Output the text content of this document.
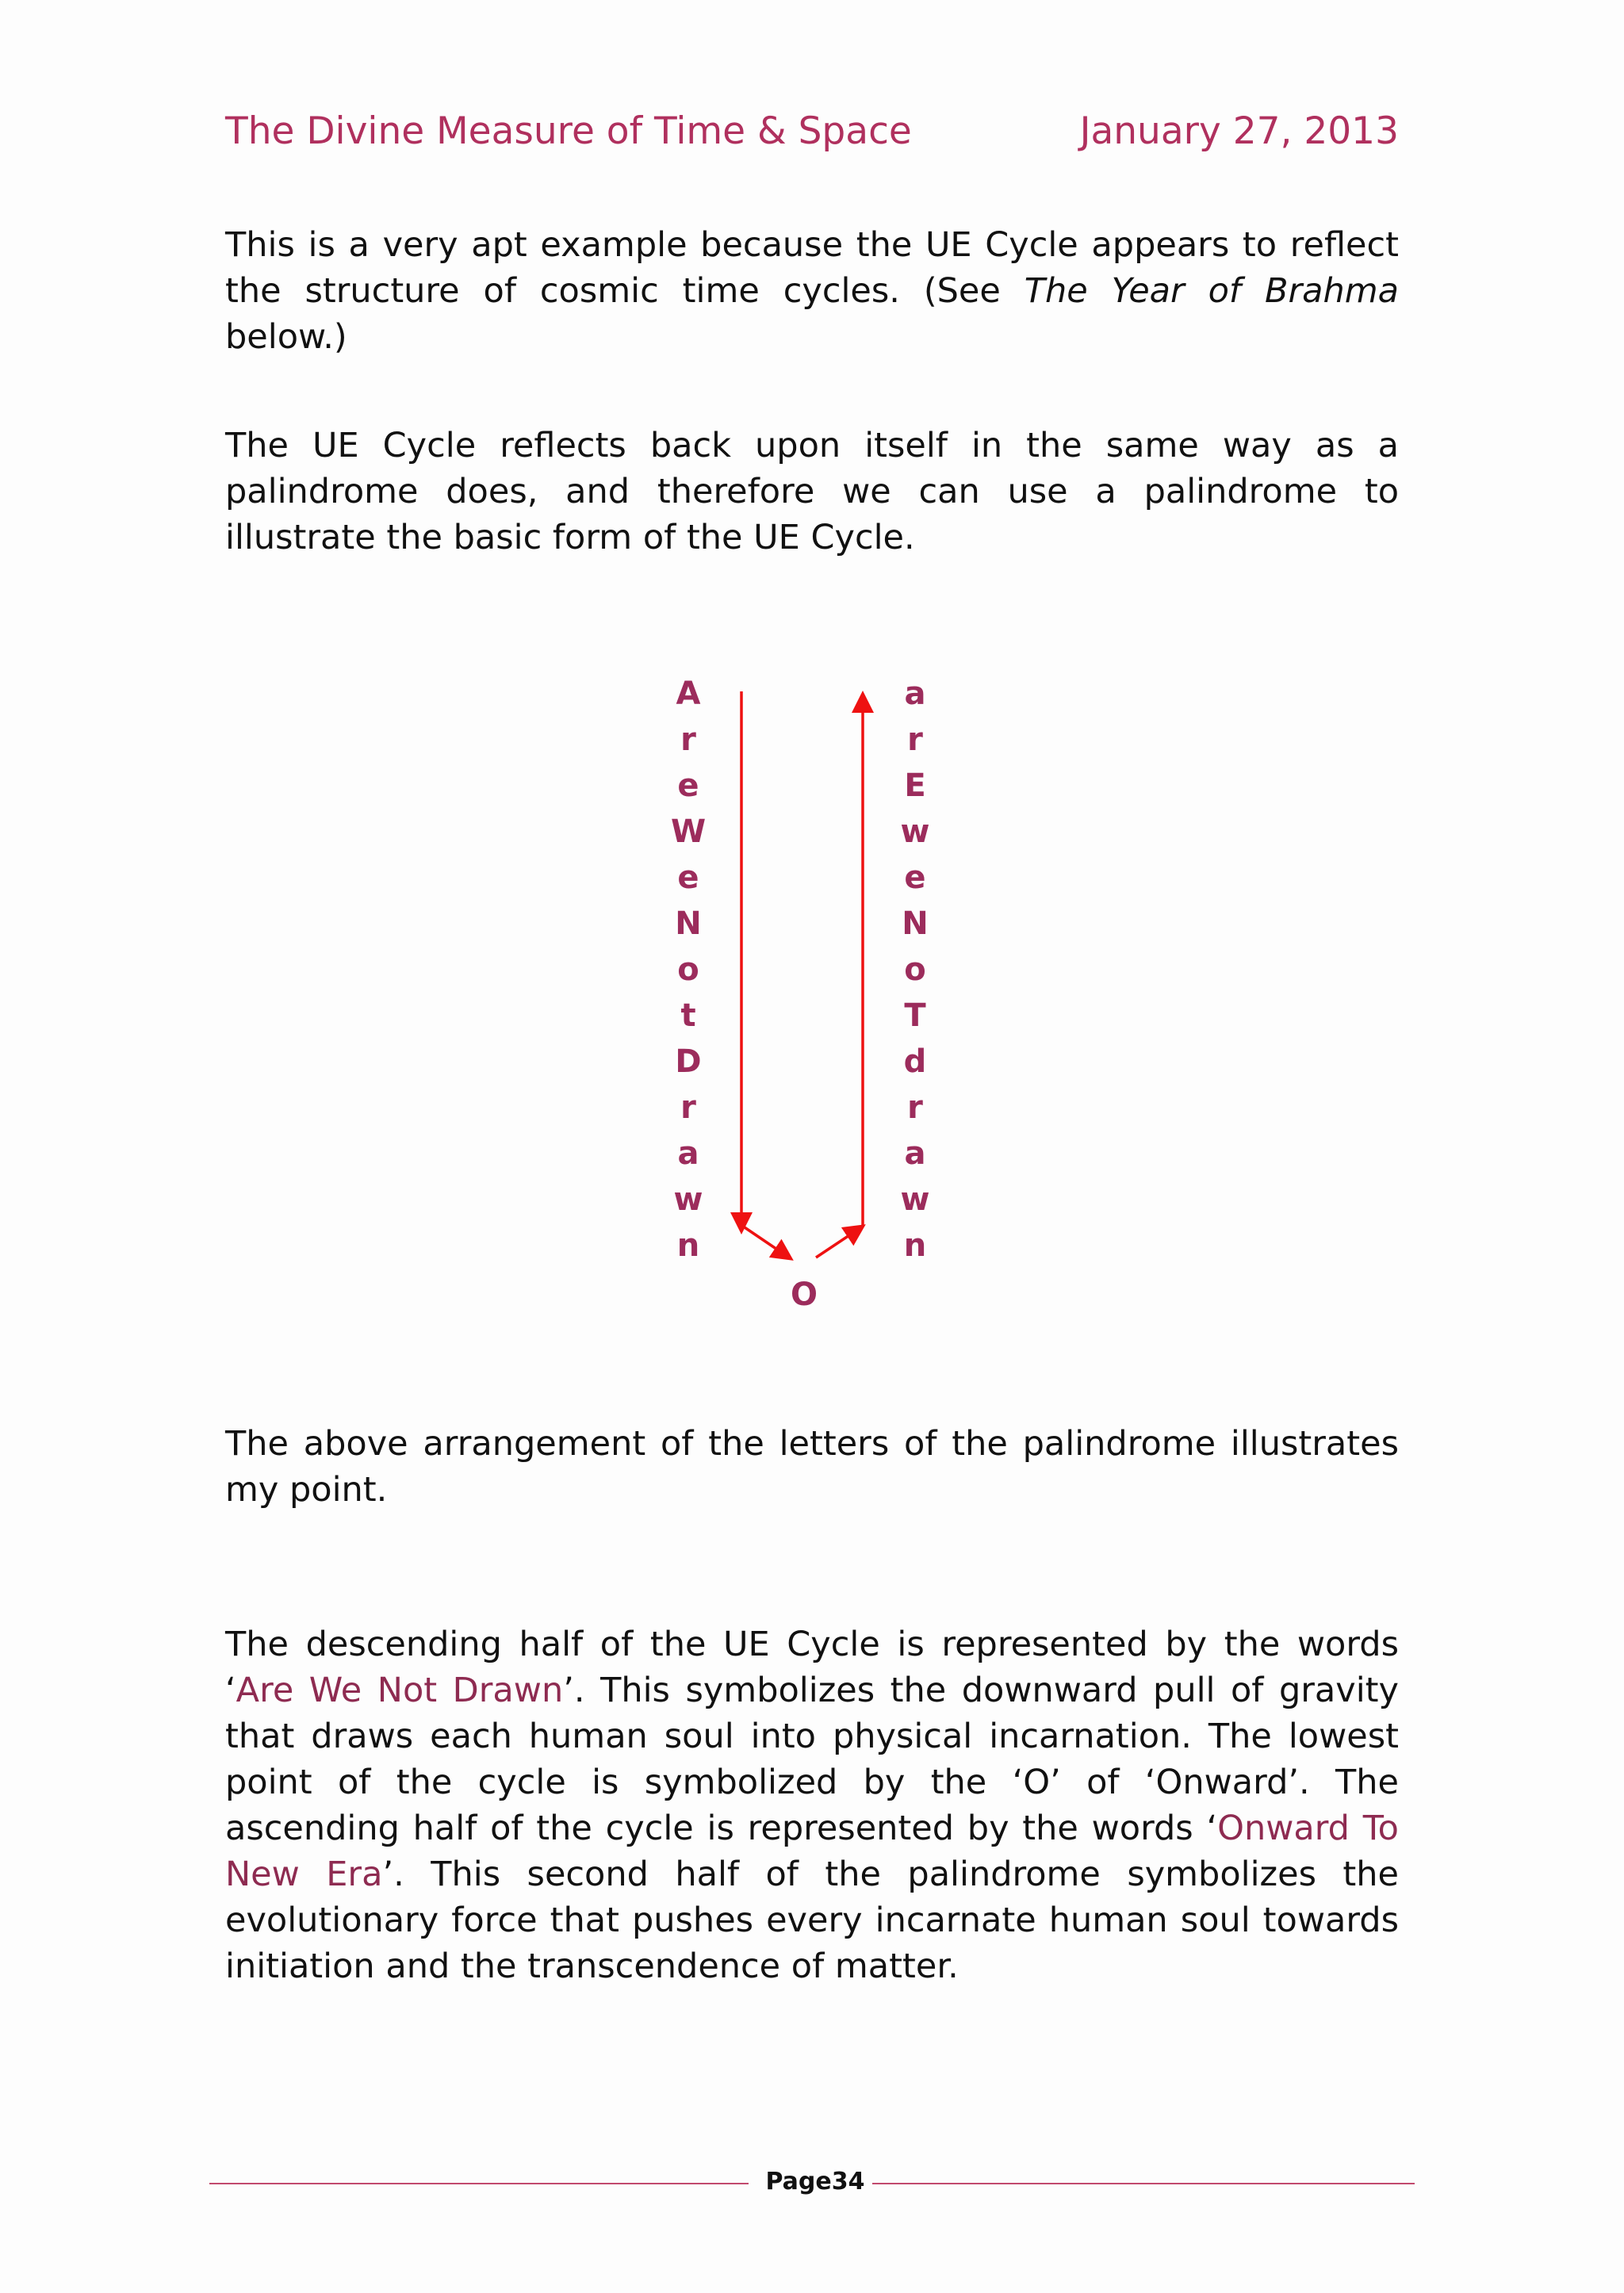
The Divine Measure of Time & Space	January 27, 2013

This is a very apt example because the UE Cycle appears to reflect the structure of cosmic time cycles. (See The Year of Brahma below.)

The UE Cycle reflects back upon itself in the same way as a palindrome does, and therefore we can use a palindrome to illustrate the basic form of the UE Cycle.

A
r
e
W
e
N
o
t
D
r
a
w
n
a
r
E
w
e
N
o
T
d
r
a
w
n
O

The above arrangement of the letters of the palindrome illustrates my point.

The descending half of the UE Cycle is represented by the words ‘Are We Not Drawn’. This symbolizes the downward pull of gravity that draws each human soul into physical incarnation. The lowest point of the cycle is symbolized by the ‘O’ of ‘Onward’. The ascending half of the cycle is represented by the words ‘Onward To New Era’. This second half of the palindrome symbolizes the evolutionary force that pushes every incarnate human soul towards initiation and the transcendence of matter.

Page34
